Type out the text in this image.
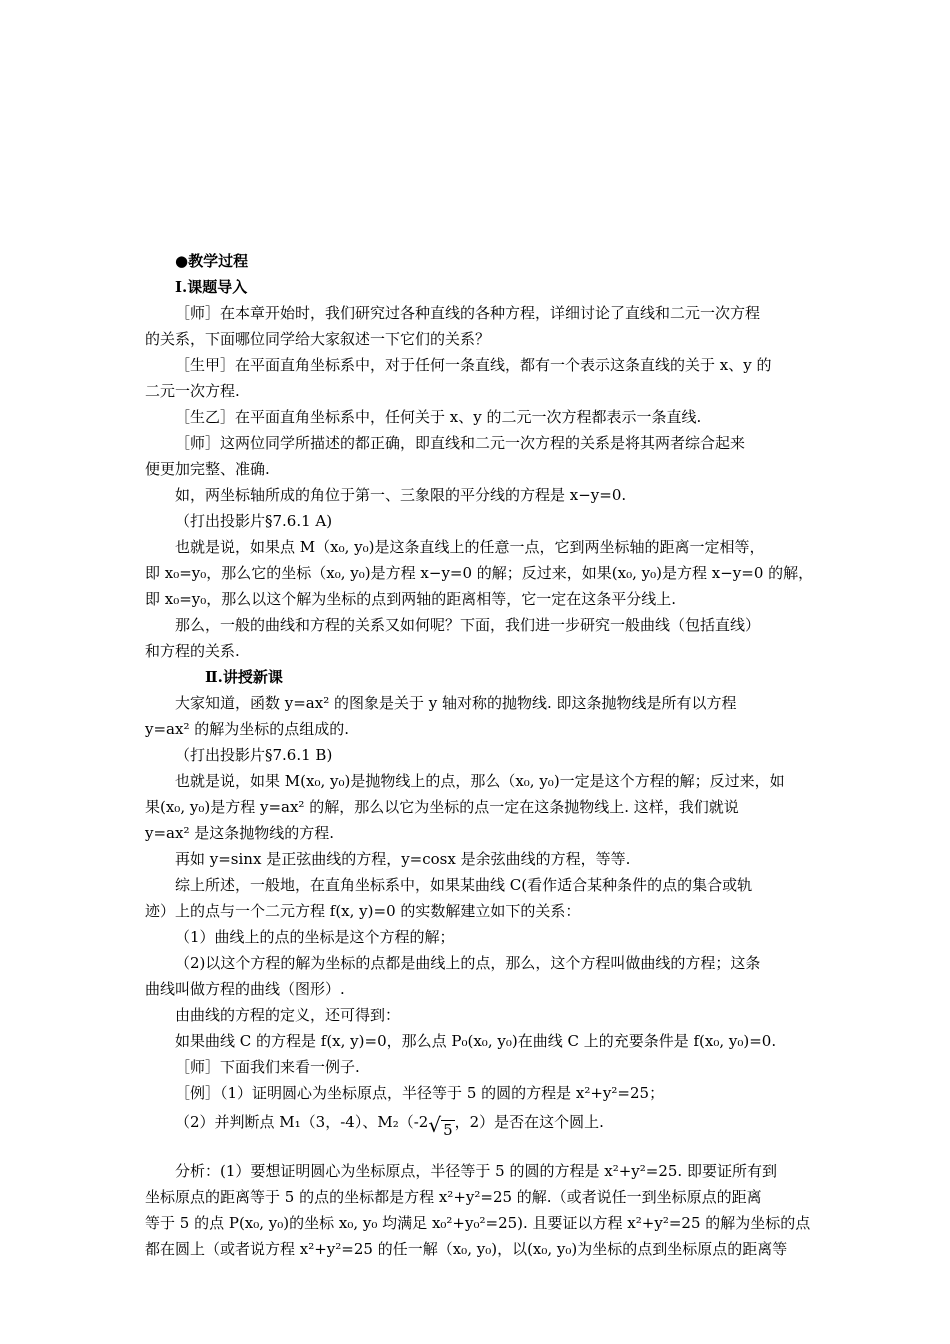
●教学过程
Ⅰ.课题导入
［师］在本章开始时，我们研究过各种直线的各种方程，详细讨论了直线和二元一次方程
的关系，下面哪位同学给大家叙述一下它们的关系？
［生甲］在平面直角坐标系中，对于任何一条直线，都有一个表示这条直线的关于 x、y 的
二元一次方程.
［生乙］在平面直角坐标系中，任何关于 x、y 的二元一次方程都表示一条直线.
［师］这两位同学所描述的都正确，即直线和二元一次方程的关系是将其两者综合起来
便更加完整、准确.
如，两坐标轴所成的角位于第一、三象限的平分线的方程是 x−y=0.
（打出投影片§7.6.1 A)
也就是说，如果点 M（x₀, y₀)是这条直线上的任意一点，它到两坐标轴的距离一定相等，
即 x₀=y₀，那么它的坐标（x₀, y₀)是方程 x−y=0 的解；反过来，如果(x₀, y₀)是方程 x−y=0 的解，
即 x₀=y₀，那么以这个解为坐标的点到两轴的距离相等，它一定在这条平分线上.
那么，一般的曲线和方程的关系又如何呢？下面，我们进一步研究一般曲线（包括直线）
和方程的关系.
Ⅱ.讲授新课
大家知道，函数 y=ax² 的图象是关于 y 轴对称的抛物线. 即这条抛物线是所有以方程
y=ax² 的解为坐标的点组成的.
（打出投影片§7.6.1 B)
也就是说，如果 M(x₀, y₀)是抛物线上的点，那么（x₀, y₀)一定是这个方程的解；反过来，如
果(x₀, y₀)是方程 y=ax² 的解，那么以它为坐标的点一定在这条抛物线上. 这样，我们就说
y=ax² 是这条抛物线的方程.
再如 y=sinx 是正弦曲线的方程，y=cosx 是余弦曲线的方程，等等.
综上所述，一般地，在直角坐标系中，如果某曲线 C(看作适合某种条件的点的集合或轨
迹）上的点与一个二元方程 f(x, y)=0 的实数解建立如下的关系：
（1）曲线上的点的坐标是这个方程的解；
（2)以这个方程的解为坐标的点都是曲线上的点，那么，这个方程叫做曲线的方程；这条
曲线叫做方程的曲线（图形）.
由曲线的方程的定义，还可得到：
如果曲线 C 的方程是 f(x, y)=0，那么点 P₀(x₀, y₀)在曲线 C 上的充要条件是 f(x₀, y₀)=0.
［师］下面我们来看一例子.
［例］（1）证明圆心为坐标原点，半径等于 5 的圆的方程是 x²+y²=25；
（2）并判断点 M₁（3，-4）、M₂（-2√ 5 ，2）是否在这个圆上.
分析：(1）要想证明圆心为坐标原点，半径等于 5 的圆的方程是 x²+y²=25. 即要证所有到
坐标原点的距离等于 5 的点的坐标都是方程 x²+y²=25 的解.（或者说任一到坐标原点的距离
等于 5 的点 P(x₀, y₀)的坐标 x₀, y₀ 均满足 x₀²+y₀²=25). 且要证以方程 x²+y²=25 的解为坐标的点
都在圆上（或者说方程 x²+y²=25 的任一解（x₀, y₀)，以(x₀, y₀)为坐标的点到坐标原点的距离等
